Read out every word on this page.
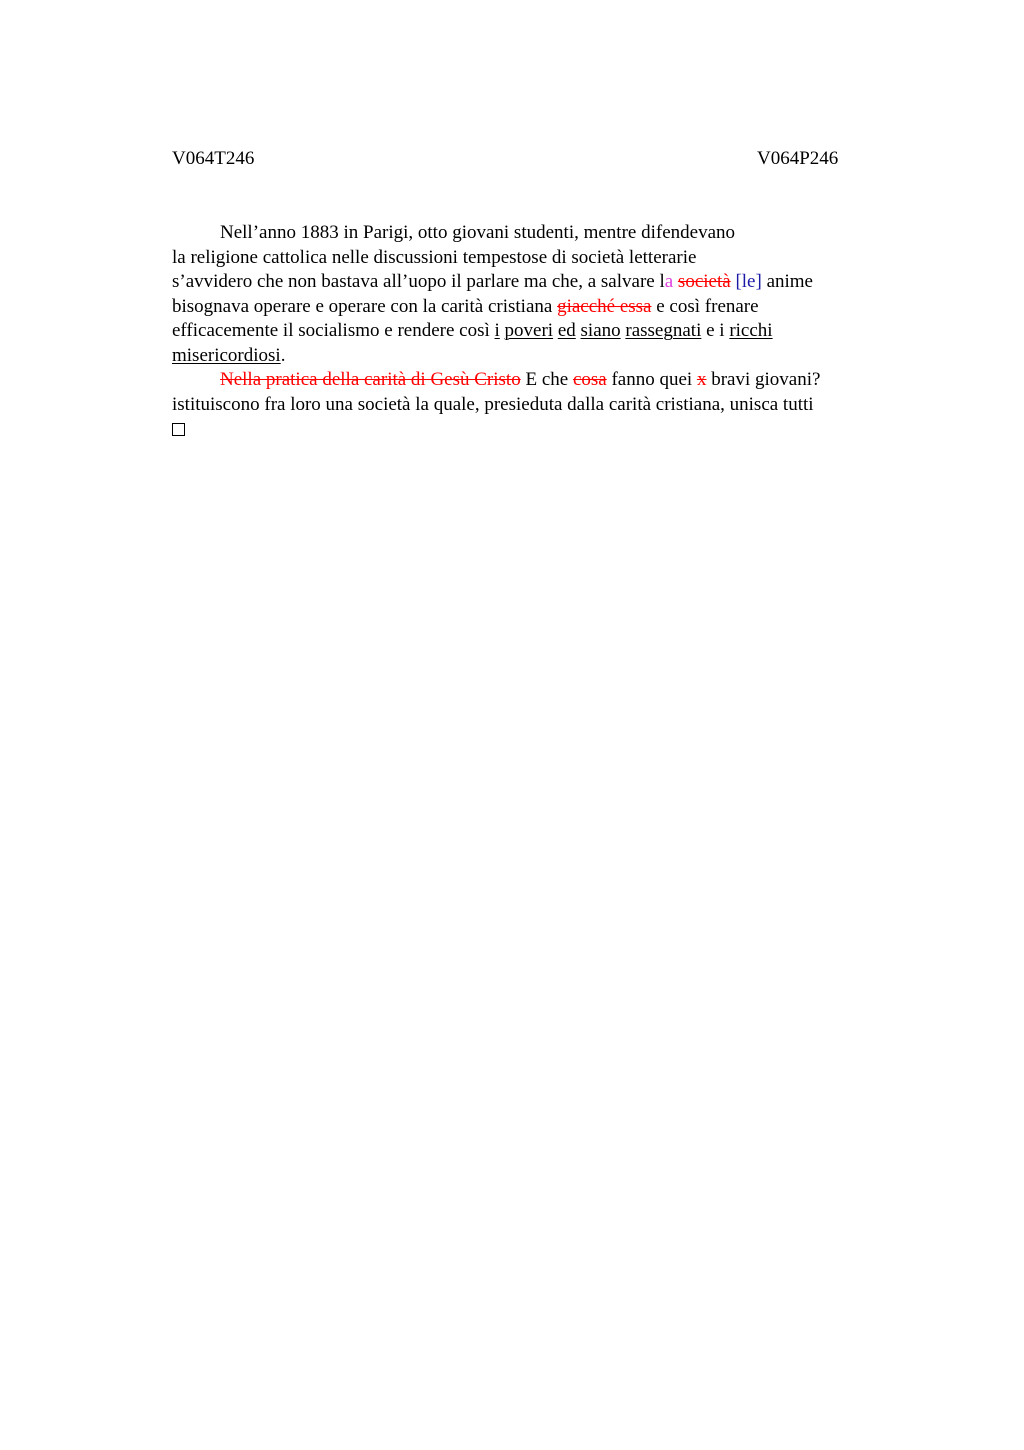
V064T246	V064P246
Nell’anno 1883 in Parigi, otto giovani studenti, mentre difendevano
la religione cattolica nelle discussioni tempestose di società letterarie
s’avvidero che non bastava all’uopo il parlare ma che, a salvare la società [le] anime
bisognava operare e operare con la carità cristiana giacché essa e così frenare
efficacemente il socialismo e rendere così i poveri ed siano rassegnati e i ricchi
misericordiosi.
Nella pratica della carità di Gesù Cristo E che cosa fanno quei x bravi giovani?
istituiscono fra loro una società la quale, presieduta dalla carità cristiana, unisca tutti
